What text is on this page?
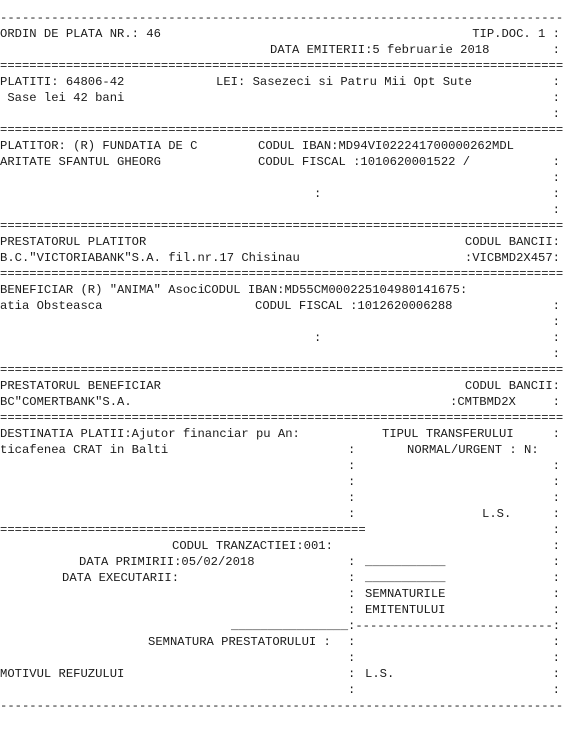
-----------------------------------------------------------------------------
ORDIN DE PLATA NR.: 46	TIP.DOC. 1 :
DATA EMITERII:5 februarie 2018	:
=============================================================================
PLATITI: 64806-42	LEI: Sasezeci si Patru Mii Opt Sute	:
Sase lei 42 bani	:
:
=============================================================================
PLATITOR: (R) FUNDATIA DE C	CODUL IBAN:MD94VI022241700000262MDL
ARITATE SFANTUL GHEORG	CODUL FISCAL :1010620001522 /	:
:
:	:
:
=============================================================================
PRESTATORUL PLATITOR	CODUL BANCII:
B.C."VICTORIABANK"S.A. fil.nr.17 Chisinau	:VICBMD2X457:
=============================================================================
BENEFICIAR (R) "ANIMA" Asoci CODUL IBAN:MD55CM000225104980141675:
atia Obsteasca	CODUL FISCAL :1012620006288	:
:
:	:
:
=============================================================================
PRESTATORUL BENEFICIAR	CODUL BANCII:
BC"COMERTBANK"S.A.	:CMTBMD2X	:
=============================================================================
DESTINATIA PLATII:Ajutor financiar pu An:	TIPUL TRANSFERULUI	:
ticafenea CRAT in Balti	:	NORMAL/URGENT : N:
:	:
:	:
:	:
:	L.S.	:
==================================================	:
CODUL TRANZACTIEI:001:	:
DATA PRIMIRII:05/02/2018	: ___________	:
DATA EXECUTARII:	: ___________	:
: SEMNATURILE	:
: EMITENTULUI	:
________________ :---------------------------:
SEMNATURA PRESTATORULUI : :	:
:	:
MOTIVUL REFUZULUI	: L.S.	:
:	:
-----------------------------------------------------------------------------
